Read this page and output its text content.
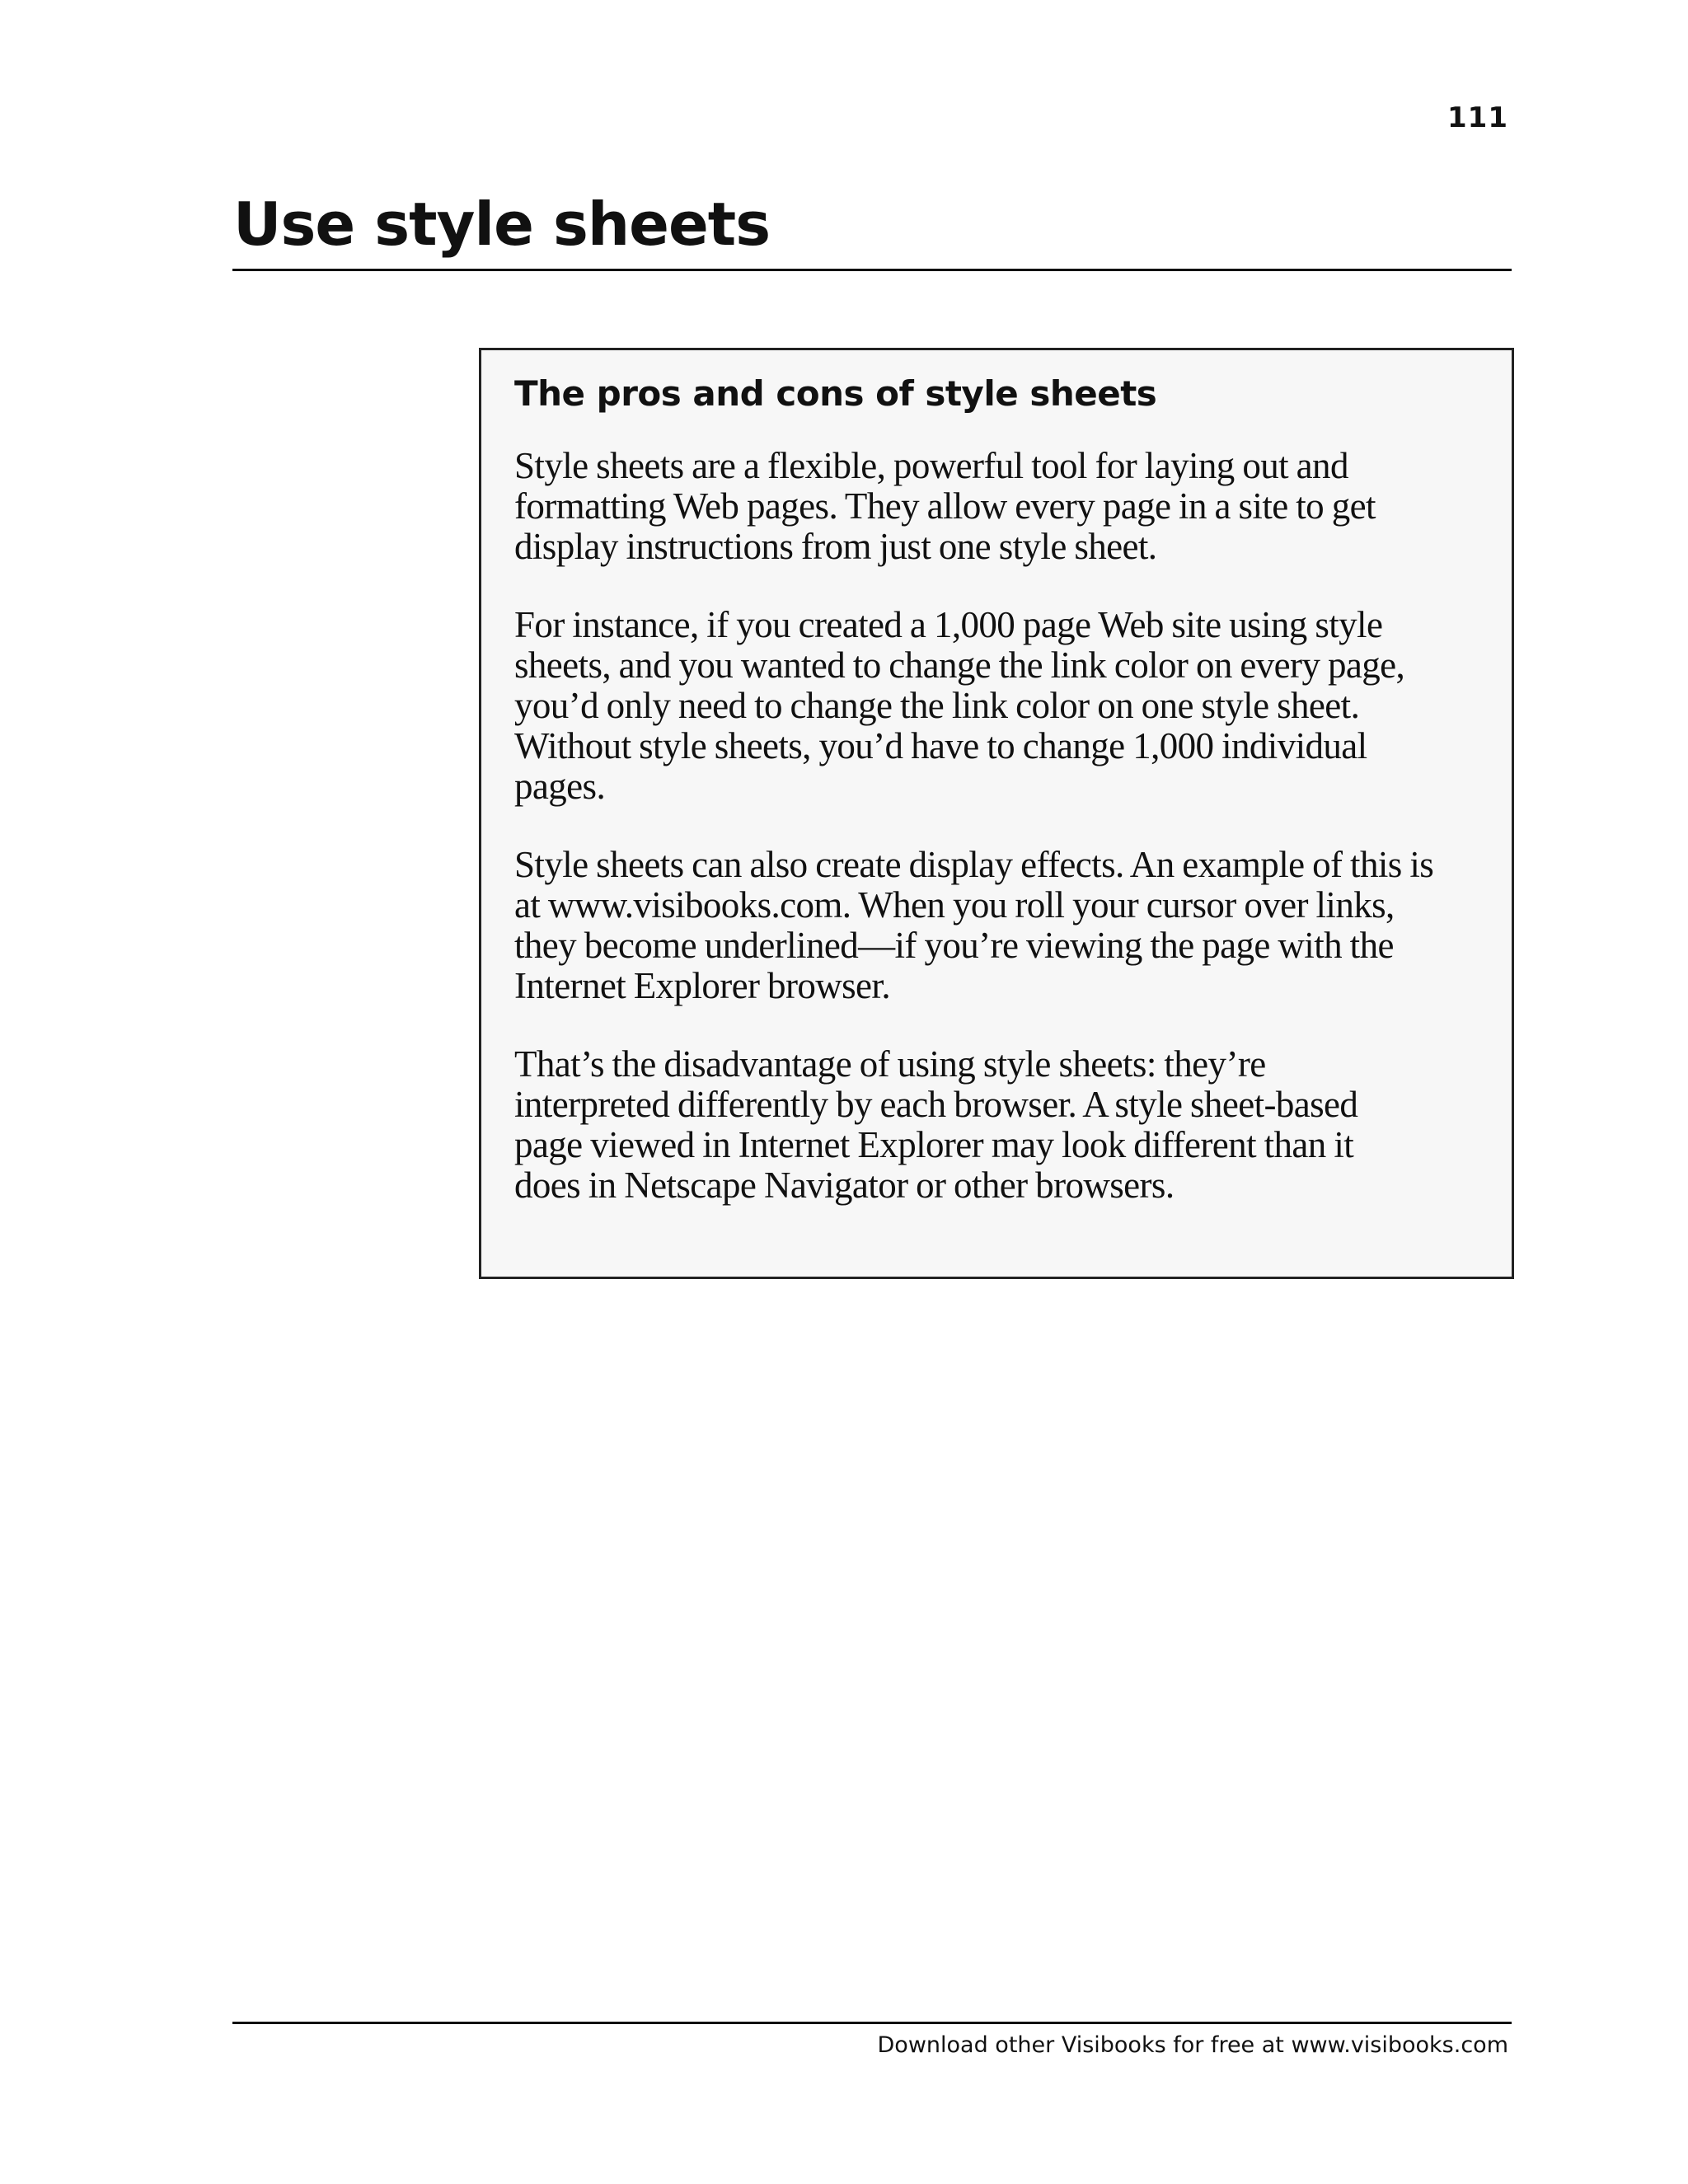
111
Use style sheets
The pros and cons of style sheets

Style sheets are a flexible, powerful tool for laying out and
formatting Web pages. They allow every page in a site to get
display instructions from just one style sheet.

For instance, if you created a 1,000 page Web site using style
sheets, and you wanted to change the link color on every page,
you’d only need to change the link color on one style sheet.
Without style sheets, you’d have to change 1,000 individual
pages.

Style sheets can also create display effects. An example of this is
at www.visibooks.com. When you roll your cursor over links,
they become underlined—if you’re viewing the page with the
Internet Explorer browser.

That’s the disadvantage of using style sheets: they’re
interpreted differently by each browser. A style sheet-based
page viewed in Internet Explorer may look different than it
does in Netscape Navigator or other browsers.

Download other Visibooks for free at www.visibooks.com
